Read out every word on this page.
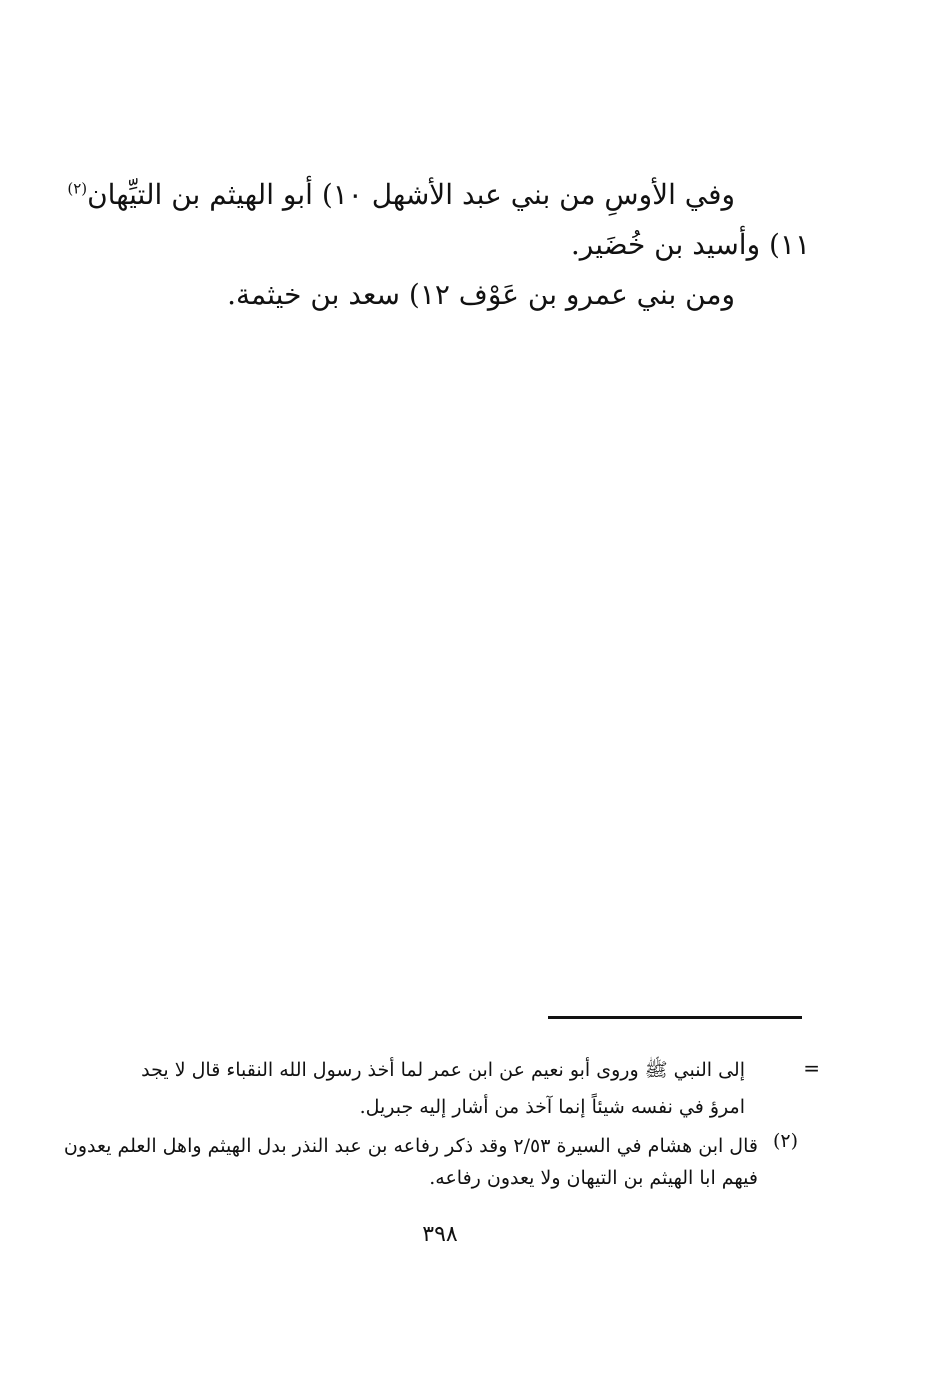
وفي الأوسِ من بني عبد الأشهل ١٠) أبو الهيثم بن التيِّهان$^{(٢)}$
١١) وأسيد بن خُضَير.
ومن بني عمرو بن عَوْف ١٢) سعد بن خيثمة.
=
إلى النبي ﷺ وروى أبو نعيم عن ابن عمر لما أخذ رسول الله النقباء قال لا يجد
امرؤ في نفسه شيئاً إنما آخذ من أشار إليه جبريل.
(٢)
قال ابن هشام في السيرة ٢/٥٣ وقد ذكر رفاعه بن عبد النذر بدل الهيثم واهل العلم يعدون
فيهم ابا الهيثم بن التيهان ولا يعدون رفاعه.
٣٩٨
